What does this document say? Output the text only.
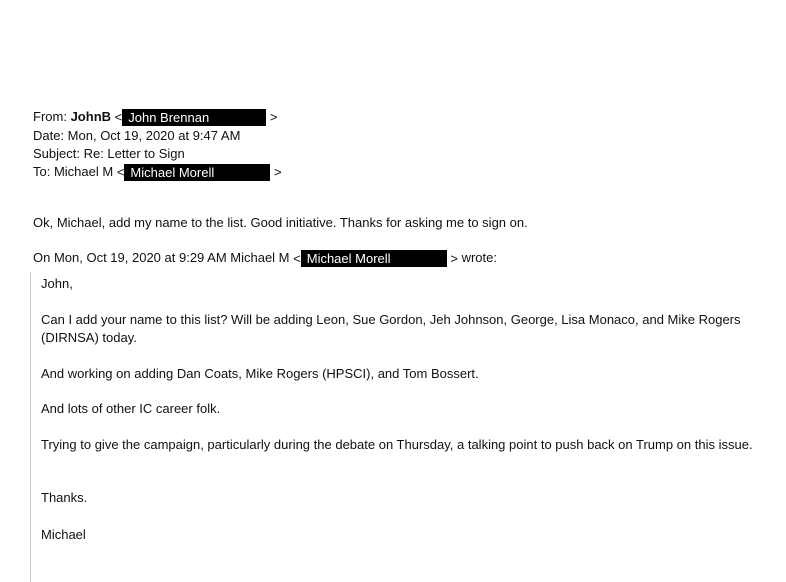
From: JohnB < John Brennan	>
Date: Mon, Oct 19, 2020 at 9:47 AM
Subject: Re: Letter to Sign
To: Michael M < Michael Morell	>
Ok, Michael, add my name to the list. Good initiative. Thanks for asking me to sign on.
On Mon, Oct 19, 2020 at 9:29 AM Michael M < Michael Morell	> wrote:
John,
Can I add your name to this list? Will be adding Leon, Sue Gordon, Jeh Johnson, George, Lisa Monaco, and Mike Rogers (DIRNSA) today.
And working on adding Dan Coats, Mike Rogers (HPSCI), and Tom Bossert.
And lots of other IC career folk.
Trying to give the campaign, particularly during the debate on Thursday, a talking point to push back on Trump on this issue.
Thanks.
Michael
